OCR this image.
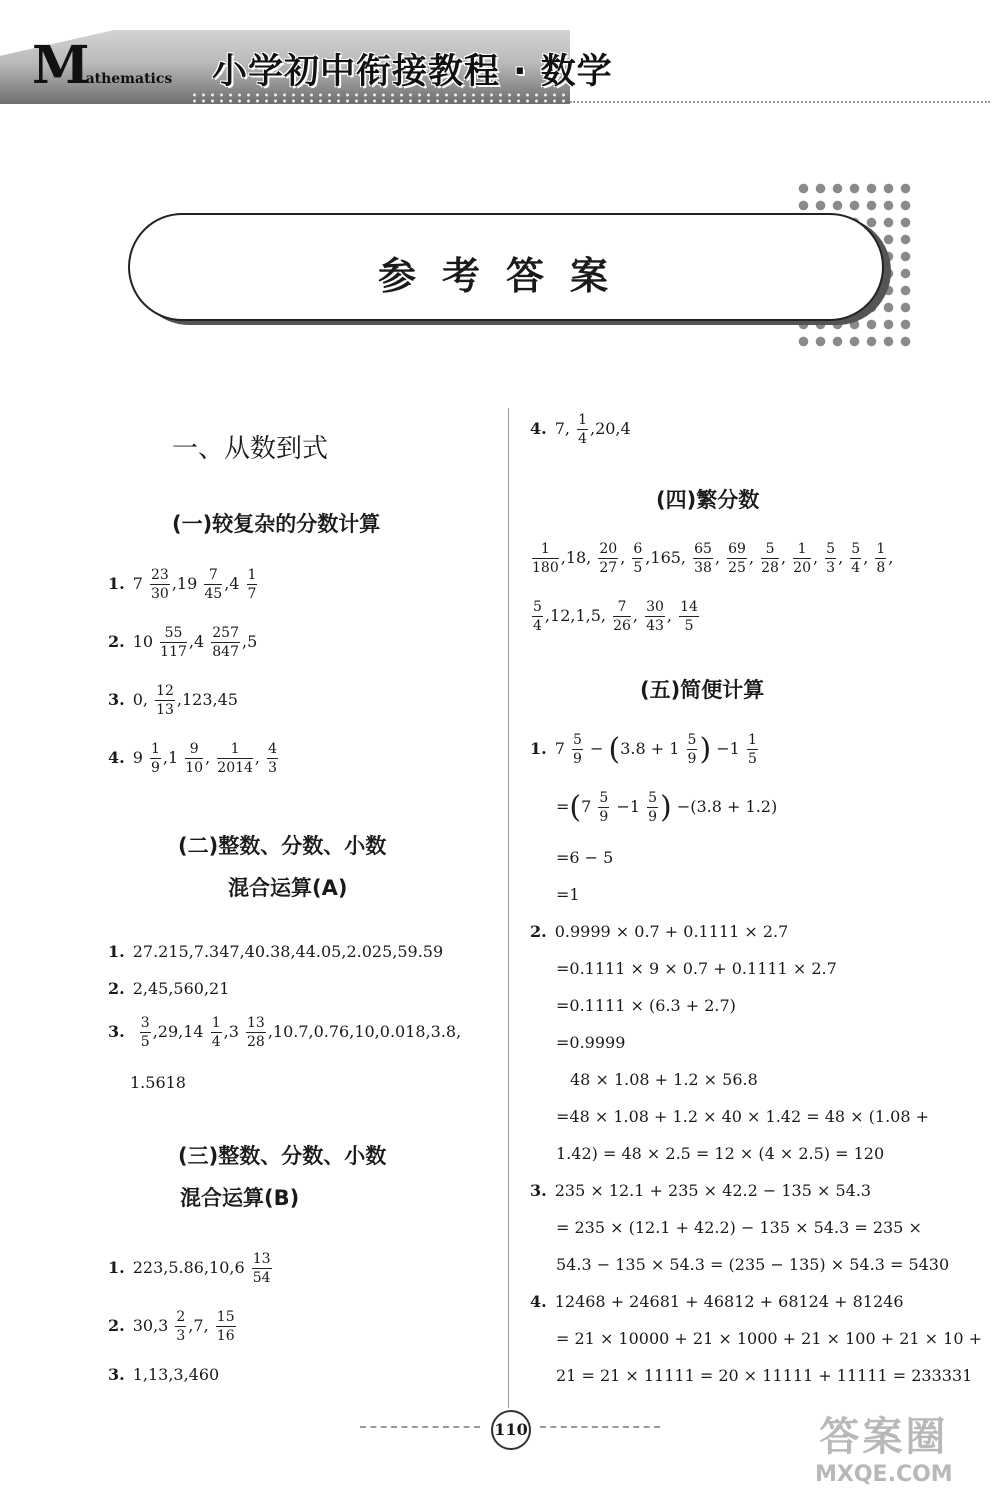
Mathematics 小学初中衔接教程 · 数学
参考答案
一、从数到式
(一)较复杂的分数计算
1. $7 \frac{23}{30} ,19 \frac{7}{45} ,4 \frac{1}{7}$
2. $10 \frac{55}{117} ,4 \frac{257}{847} ,5$
3. 0, $\frac{12}{13} ,123,45$
4. $9 \frac{1}{9} ,1 \frac{9}{10}$ , $\frac{1}{2014}$ , $\frac{4}{3}$
(二)整数、分数、小数
混合运算(A)
1. 27.215,7.347,40.38,44.05,2.025,59.59
2. 2,45,560,21
3. $\frac{3}{5} ,29,14 \frac{1}{4} ,3 \frac{13}{28} ,10.7,0.76,10,0.018,3.8$,
1.5618
(三)整数、分数、小数
混合运算(B)
1. $223,5.86,10,6 \frac{13}{54}$
2. $30,3 \frac{2}{3} ,7$, $\frac{15}{16}$
3. 1,13,3,460
4. 7, $\frac{1}{4} ,20,4$
(四)繁分数
$\frac{1}{180} ,18$, $\frac{20}{27}$ , $\frac{6}{5} ,165$, $\frac{65}{38}$ , $\frac{69}{25}$ , $\frac{5}{28}$ , $\frac{1}{20}$ , $\frac{5}{3}$ , $\frac{5}{4}$ , $\frac{1}{8}$ ,
$\frac{5}{4} ,12,1,5$, $\frac{7}{26}$ , $\frac{30}{43}$ , $\frac{14}{5}$
(五)简便计算
1. $7 \frac{5}{9} - (3.8 + 1 \frac{5}{9}$ ) $-1 \frac{1}{5}$
$=(7 \frac{5}{9} -1 \frac{5}{9}$ ) −(3.8 + 1.2)
=6 − 5
=1
2. 0.9999 × 0.7 + 0.1111 × 2.7
=0.1111 × 9 × 0.7 + 0.1111 × 2.7
=0.1111 × (6.3 + 2.7)
=0.9999
48 × 1.08 + 1.2 × 56.8
=48 × 1.08 + 1.2 × 40 × 1.42 = 48 × (1.08 +
1.42) = 48 × 2.5 = 12 × (4 × 2.5) = 120
3. 235 × 12.1 + 235 × 42.2 − 135 × 54.3
= 235 × (12.1 + 42.2) − 135 × 54.3 = 235 ×
54.3 − 135 × 54.3 = (235 − 135) × 54.3 = 5430
4. 12468 + 24681 + 46812 + 68124 + 81246
= 21 × 10000 + 21 × 1000 + 21 × 100 + 21 × 10 +
21 = 21 × 11111 = 20 × 11111 + 11111 = 233331
110	答案圈
MXQE.COM
